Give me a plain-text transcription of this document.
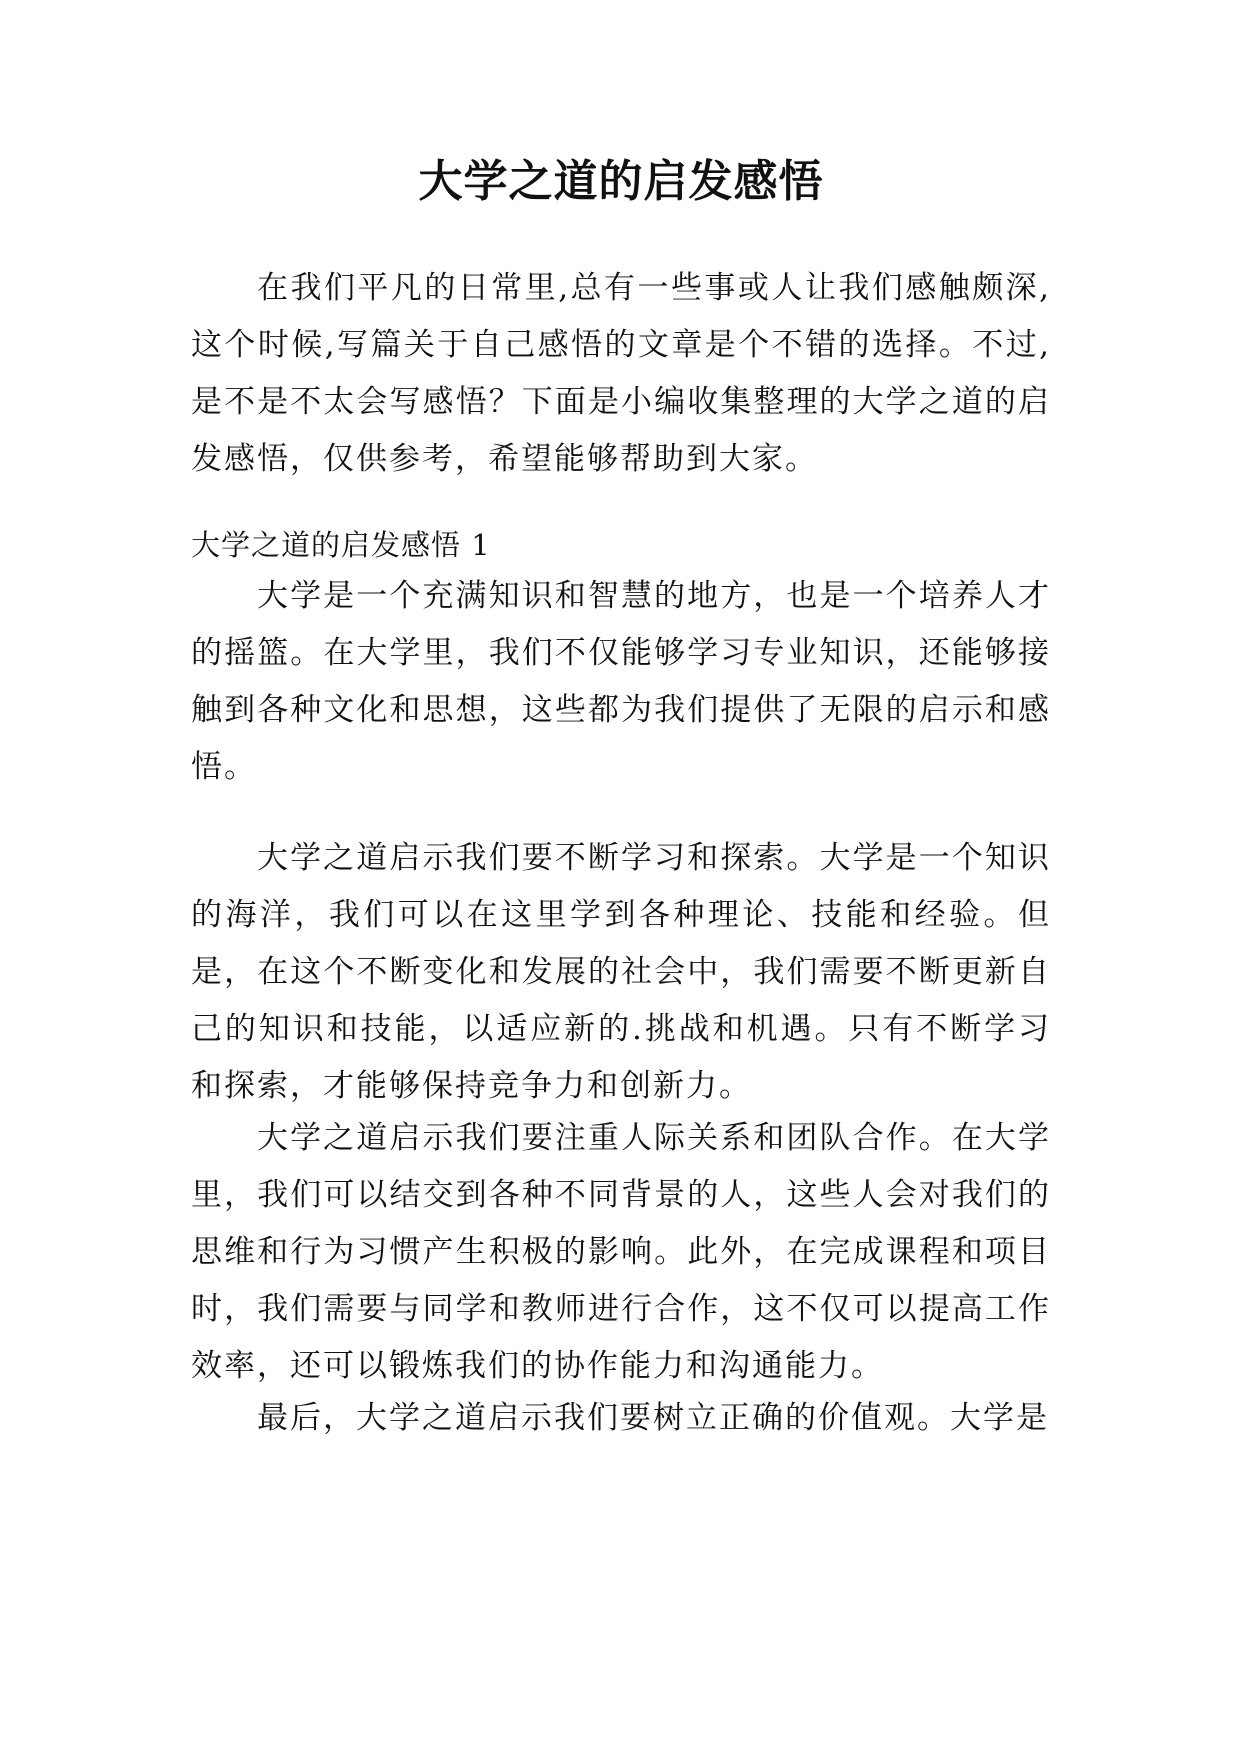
大学之道的启发感悟

在我们平凡的日常里,总有一些事或人让我们感触颇深,这个时候,写篇关于自己感悟的文章是个不错的选择。不过,是不是不太会写感悟？下面是小编收集整理的大学之道的启发感悟，仅供参考，希望能够帮助到大家。

大学之道的启发感悟 1

大学是一个充满知识和智慧的地方，也是一个培养人才的摇篮。在大学里，我们不仅能够学习专业知识，还能够接触到各种文化和思想，这些都为我们提供了无限的启示和感悟。

大学之道启示我们要不断学习和探索。大学是一个知识的海洋，我们可以在这里学到各种理论、技能和经验。但是，在这个不断变化和发展的社会中，我们需要不断更新自己的知识和技能，以适应新的.挑战和机遇。只有不断学习和探索，才能够保持竞争力和创新力。

大学之道启示我们要注重人际关系和团队合作。在大学里，我们可以结交到各种不同背景的人，这些人会对我们的思维和行为习惯产生积极的影响。此外，在完成课程和项目时，我们需要与同学和教师进行合作，这不仅可以提高工作效率，还可以锻炼我们的协作能力和沟通能力。

最后，大学之道启示我们要树立正确的价值观。大学是
